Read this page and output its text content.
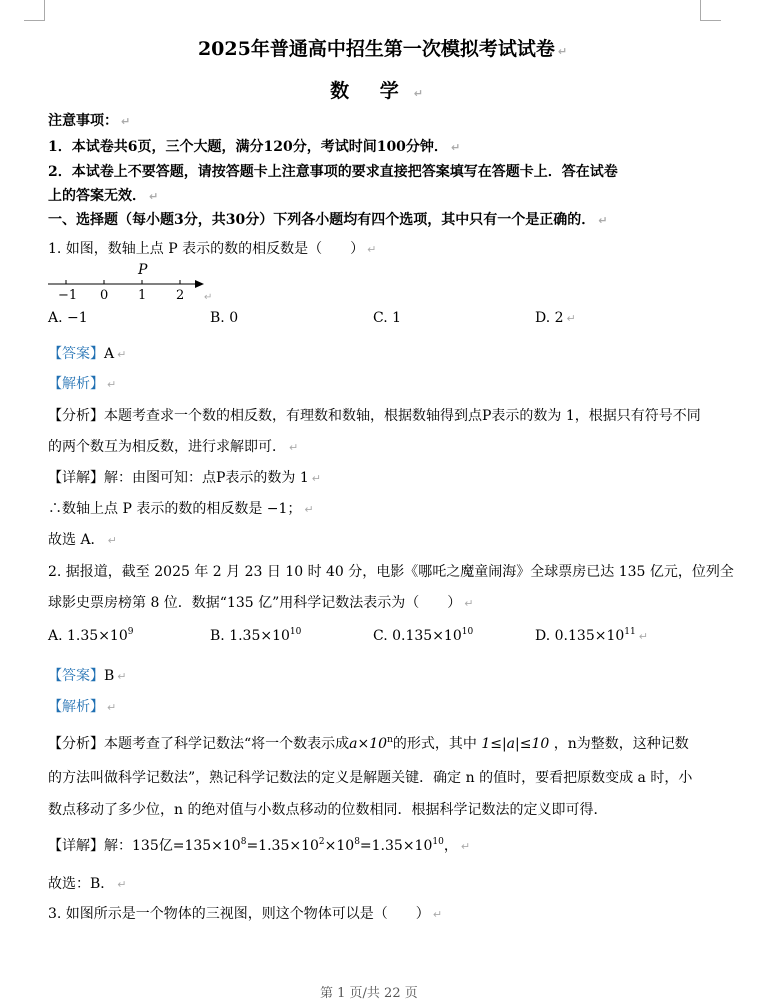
2025年普通高中招生第一次模拟考试试卷 ↵
数 学 ↵
注意事项： ↵
1．本试卷共6页，三个大题，满分120分，考试时间100分钟． ↵
2．本试卷上不要答题，请按答题卡上注意事项的要求直接把答案填写在答题卡上．答在试卷
上的答案无效． ↵
一、选择题（每小题3分，共30分）下列各小题均有四个选项，其中只有一个是正确的． ↵
1. 如图，数轴上点 P 表示的数的相反数是（　　） ↵
P
−1 0 1 2 ↵
A. −1	B. 0	C. 1	D. 2 ↵
【答案】A ↵
【解析】 ↵
【分析】本题考查求一个数的相反数，有理数和数轴，根据数轴得到点P表示的数为 1，根据只有符号不同
的两个数互为相反数，进行求解即可． ↵
【详解】解：由图可知：点P表示的数为 1 ↵
∴数轴上点 P 表示的数的相反数是 −1； ↵
故选 A． ↵
2. 据报道，截至 2025 年 2 月 23 日 10 时 40 分，电影《哪吒之魔童闹海》全球票房已达 135 亿元，位列全
球影史票房榜第 8 位．数据“135 亿”用科学记数法表示为（　　） ↵
A. $1.35\times 10^9$	B. $1.35\times 10^{10}$	C. $0.135\times 10^{10}$	D. $0.135\times 10^{11}$ ↵
【答案】B ↵
【解析】 ↵
【分析】本题考查了科学记数法“将一个数表示成$a\times 10^n$的形式，其中 1≤|a|≤10 ，n为整数，这种记数
的方法叫做科学记数法”，熟记科学记数法的定义是解题关键．确定 n 的值时，要看把原数变成 a 时，小
数点移动了多少位，n 的绝对值与小数点移动的位数相同．根据科学记数法的定义即可得．
【详解】解：135亿$=135\times 10^8=1.35\times 10^2\times 10^8=1.35\times 10^{10}$， ↵
故选：B． ↵
3. 如图所示是一个物体的三视图，则这个物体可以是（　　） ↵
第 1 页/共 22 页
